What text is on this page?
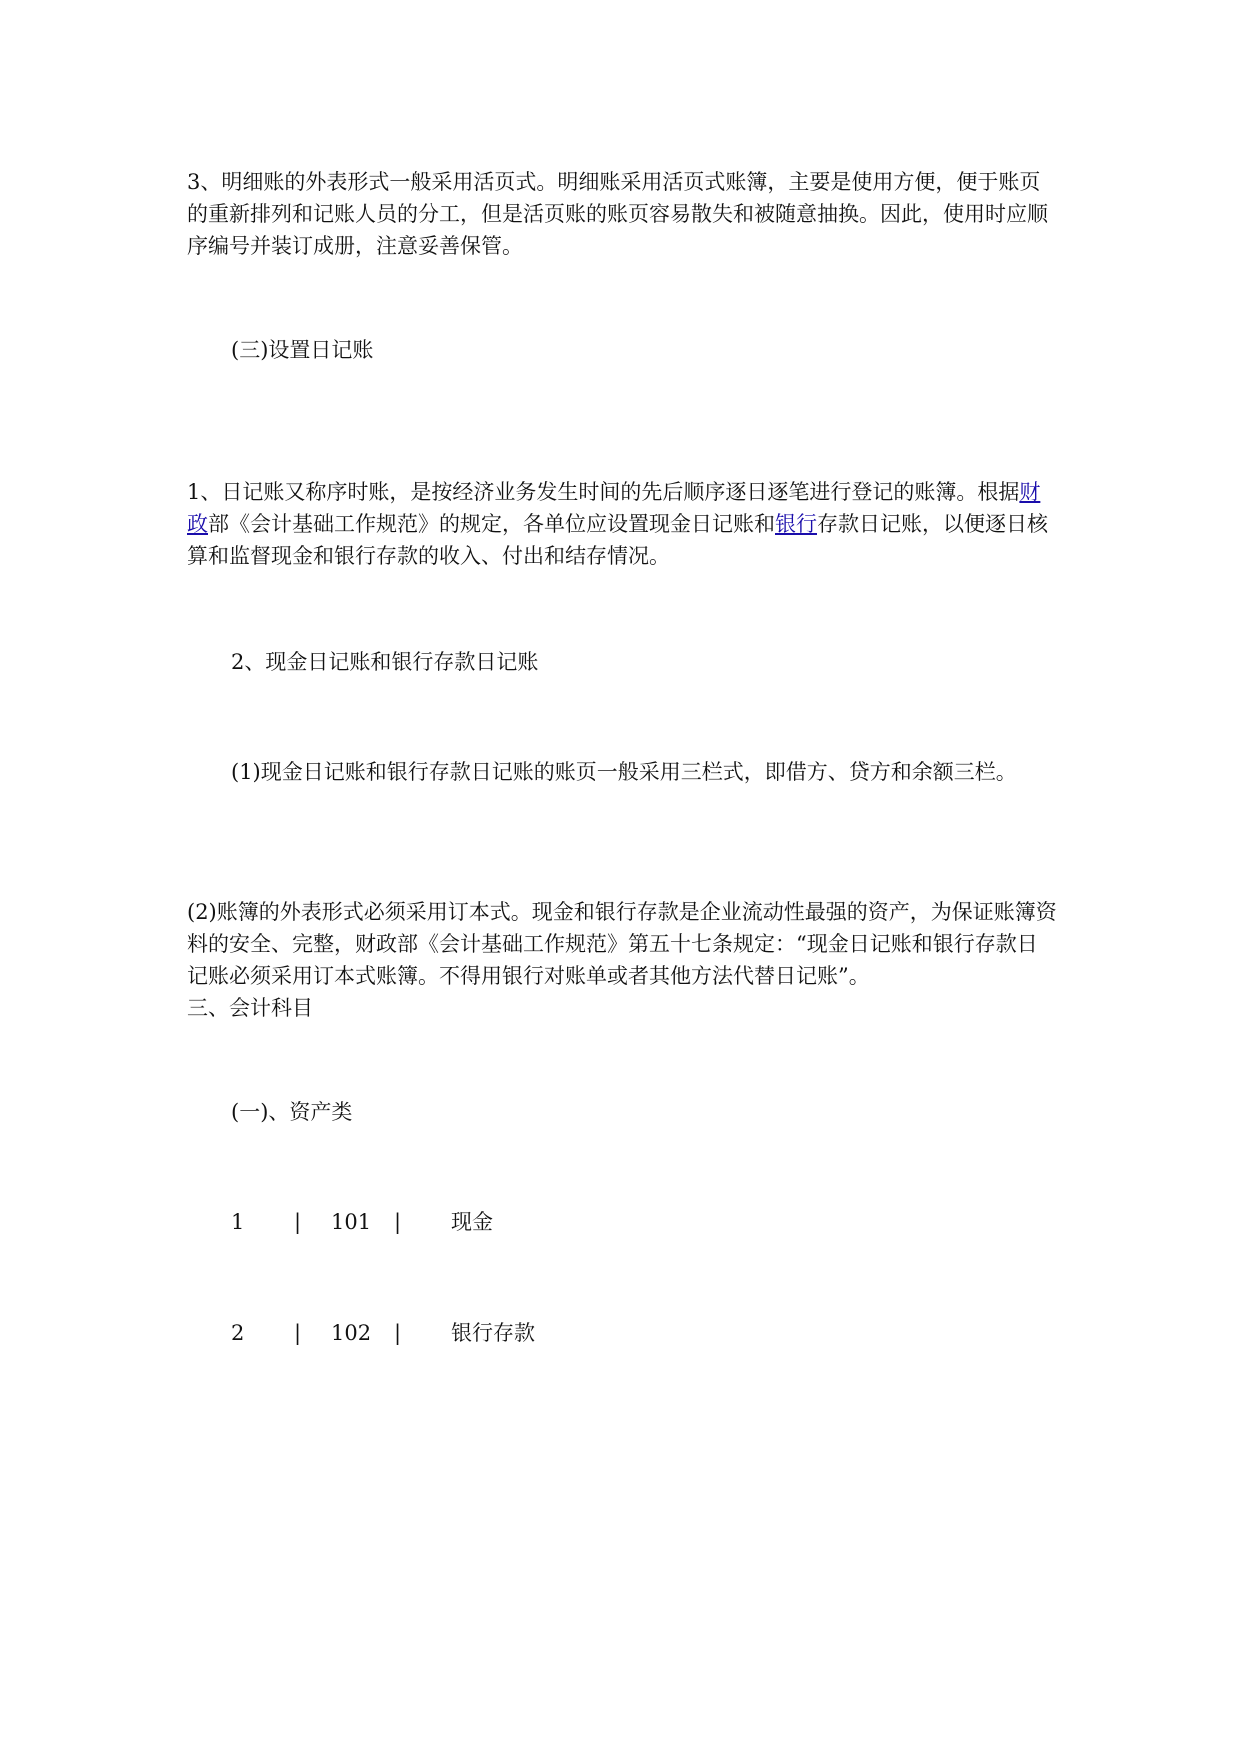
3、明细账的外表形式一般采用活页式。明细账采用活页式账簿，主要是使用方便，便于账页的重新排列和记账人员的分工，但是活页账的账页容易散失和被随意抽换。因此，使用时应顺序编号并装订成册，注意妥善保管。

(三)设置日记账

1、日记账又称序时账，是按经济业务发生时间的先后顺序逐日逐笔进行登记的账簿。根据财政部《会计基础工作规范》的规定，各单位应设置现金日记账和银行存款日记账，以便逐日核算和监督现金和银行存款的收入、付出和结存情况。

2、现金日记账和银行存款日记账

(1)现金日记账和银行存款日记账的账页一般采用三栏式，即借方、贷方和余额三栏。

(2)账簿的外表形式必须采用订本式。现金和银行存款是企业流动性最强的资产，为保证账簿资料的安全、完整，财政部《会计基础工作规范》第五十七条规定：“现金日记账和银行存款日记账必须采用订本式账簿。不得用银行对账单或者其他方法代替日记账”。

三、会计科目

(一)、资产类

1 | 101 | 现金
2 | 102 | 银行存款
